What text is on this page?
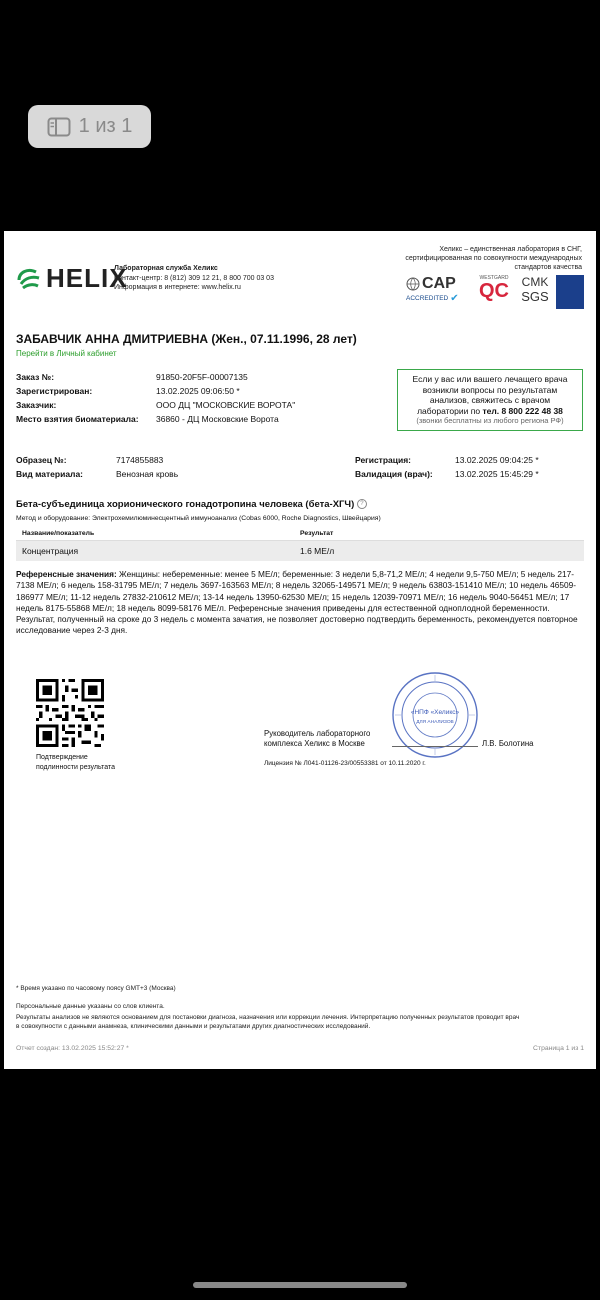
1 из 1
HELIX
Лабораторная служба Хеликс
Контакт-центр: 8 (812) 309 12 21, 8 800 700 03 03
Информация в интернете: www.helix.ru
Хеликс – единственная лаборатория в СНГ,
сертифицированная по совокупности международных
стандартов качества
CAP
ACCREDITED ✔
WESTGARD
QC	CMK
SGS
ЗАБАВЧИК АННА ДМИТРИЕВНА (Жен., 07.11.1996, 28 лет)
Перейти в Личный кабинет
Заказ №:	91850-20F5F-00007135
Зарегистрирован:	13.02.2025 09:06:50 *
Заказчик:	ООО ДЦ "МОСКОВСКИЕ ВОРОТА"
Место взятия биоматериала: 36860 - ДЦ Московские Ворота
Если у вас или вашего лечащего врача
возникли вопросы по результатам
анализов, свяжитесь с врачом
лаборатории по тел. 8 800 222 48 38
(звонки бесплатны из любого региона РФ)
Образец №:	7174855883
Вид материала:	Венозная кровь
Регистрация:	13.02.2025 09:04:25 *
Валидация (врач):	13.02.2025 15:45:29 *
Бета-субъединица хорионического гонадотропина человека (бета-ХГЧ) ?
Метод и оборудование: Электрохемилюминесцентный иммуноанализ (Cobas 6000, Roche Diagnostics, Швейцария)
Название/показатель	Результат
Концентрация	1.6 МЕ/л
Референсные значения: Женщины: небеременные: менее 5 МЕ/л; беременные: 3 недели 5,8-71,2 МЕ/л; 4 недели 9,5-750 МЕ/л; 5 недель 217-7138 МЕ/л; 6 недель 158-31795 МЕ/л; 7 недель 3697-163563 МЕ/л; 8 недель 32065-149571 МЕ/л; 9 недель 63803-151410 МЕ/л; 10 недель 46509-186977 МЕ/л; 11-12 недель 27832-210612 МЕ/л; 13-14 недель 13950-62530 МЕ/л; 15 недель 12039-70971 МЕ/л; 16 недель 9040-56451 МЕ/л; 17 недель 8175-55868 МЕ/л; 18 недель 8099-58176 МЕ/л. Референсные значения приведены для естественной одноплодной беременности. Результат, полученный на сроке до 3 недель с момента зачатия, не позволяет достоверно подтвердить беременность, рекомендуется повторное исследование через 2-3 дня.
Подтверждение
подлинности результата
Руководитель лабораторного
комплекса Хеликс в Москве
«НПФ «Хеликс»
ДЛЯ АНАЛИЗОВ
Л.В. Болотина
Лицензия № Л041-01126-23/00553381 от 10.11.2020 г.
* Время указано по часовому поясу GMT+3 (Москва)
Персональные данные указаны со слов клиента.
Результаты анализов не являются основанием для постановки диагноза, назначения или коррекции лечения. Интерпретацию полученных результатов проводит врач
в совокупности с данными анамнеза, клиническими данными и результатами других диагностических исследований.
Отчет создан: 13.02.2025 15:52:27 *	Страница 1 из 1
